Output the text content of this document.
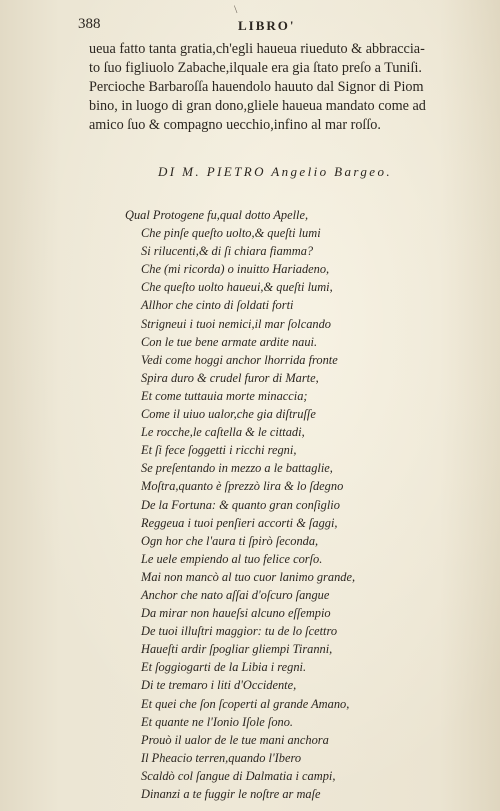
\
388	LIBRO'
ueua fatto tanta gratia,ch'egli haueua riueduto & abbraccia-
to ſuo figliuolo Zabache,ilquale era gia ſtato preſo a Tuniſi.
Percioche Barbaroſſa hauendolo hauuto dal Signor di Piom
bino, in luogo di gran dono,gliele haueua mandato come ad
amico ſuo & compagno uecchio,infino al mar roſſo.
DI M. PIETRO Angelio Bargeo.
Qual Protogene fu,qual dotto Apelle,
Che pinſe queſto uolto,& queſti lumi
Si rilucenti,& di ſi chiara fiamma?
Che (mi ricorda) o inuitto Hariadeno,
Che queſto uolto haueui,& queſti lumi,
Allhor che cinto di ſoldati forti
Strigneui i tuoi nemici,il mar ſolcando
Con le tue bene armate ardite naui.
Vedi come hoggi anchor lhorrida fronte
Spira duro & crudel furor di Marte,
Et come tuttauia morte minaccia;
Come il uiuo ualor,che gia diſtruſſe
Le rocche,le caſtella & le cittadi,
Et ſi fece ſoggetti i ricchi regni,
Se preſentando in mezzo a le battaglie,
Moſtra,quanto è ſprezzò lira & lo ſdegno
De la Fortuna: & quanto gran conſiglio
Reggeua i tuoi penſieri accorti & ſaggi,
Ogn hor che l'aura ti ſpirò ſeconda,
Le uele empiendo al tuo felice corſo.
Mai non mancò al tuo cuor lanimo grande,
Anchor che nato aſſai d'oſcuro ſangue
Da mirar non haueſsi alcuno eſſempio
De tuoi illuſtri maggior: tu de lo ſcettro
Haueſti ardir ſpogliar gliempi Tiranni,
Et ſoggiogarti de la Libia i regni.
Di te tremaro i liti d'Occidente,
Et quei che ſon ſcoperti al grande Amano,
Et quante ne l'Ionio Iſole ſono.
Prouò il ualor de le tue mani anchora
Il Pheacio terren,quando l'Ibero
Scaldò col ſangue di Dalmatia i campi,
Dinanzi a te fuggir le noſtre ar maſe
